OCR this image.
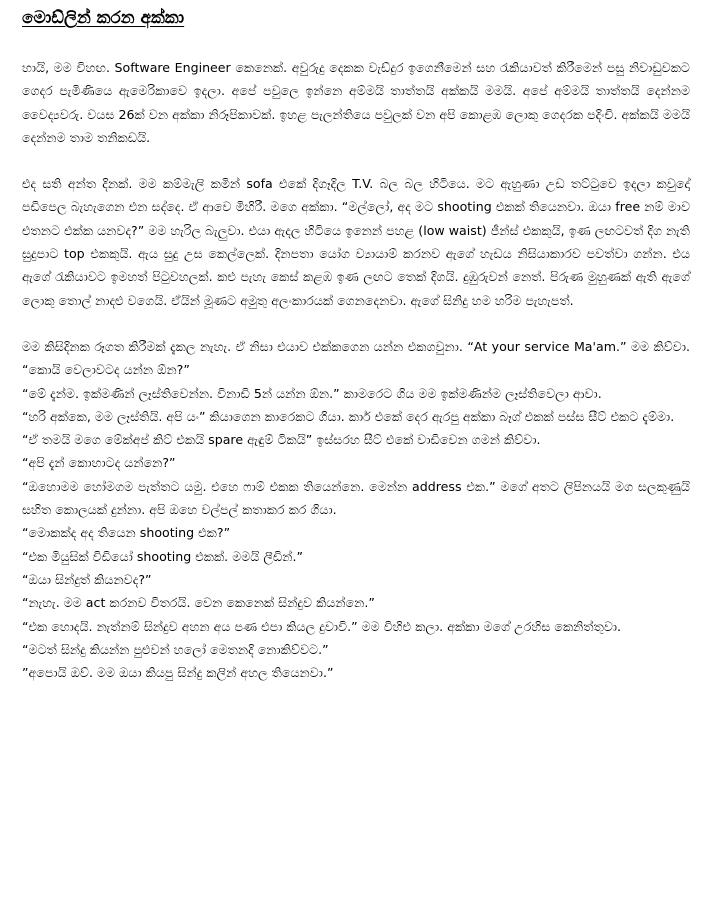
මොඩ්ලින් කරන අක්කා

හායි, මම විහඟ. Software Engineer කෙනෙක්. අවුරුදු දෙකක වැඩ්දුර ඉගෙනීමෙන් සහ රැකියාවත් කිරීමෙන් පසු නිවාඩුවකට ගෙදර පැමිණියෙ ඇමෙරිකාවෙ ඉදලා. අපේ පවුලෙ ඉන්නෙ අම්මයි තාත්තයි අක්කයි මමයි. අපේ අම්මයි තාත්තයි දෙන්නම වෛද්‍යවරු. වයස 26ක් වන අක්කා නිරූපිකාවක්. ඉහළ පැලන්තියෙ පවුලක් වන අපි කොළඹ ලොකු ගෙදරක පදිංචි. අක්කයි මමයි දෙන්නම තාම තනිකඩයි.

එද සති අන්ත දිනක්. මම කම්මැලි කමින් sofa එකේ දිගෑදිල T.V. බල බල හිටියෙ. මට ඇහුණා උඩ තට්ටුවෙ ඉදලා කවුදෝ පඩිපෙල බැහැගෙන එන සද්දෙ. ඒ ආවෙ මිහිරී. මගෙ අක්කා. “මල්ලෝ, අද මට shooting එකක් තියෙනවා. ඔයා free නම් මාව එතනට එක්ක යනවද?” මම හැරිල බැලුවා. එයා ඇදල හිටියෙ ඉනෙන් පහළ (low waist) ජීන්ස් එකකුයි, ඉණ ලඟටවත් දිග නැති සුදුපාට top එකකුයි. ඇය සුදු උස කෙල්ලෙක්. දිනපතා යෝග ව්‍යායාම් කරනව ඇගේ හැඩය නිසියාකාරව පවත්වා ගන්න. එය ඇගේ රැකියාවට ඉමහත් පිටුවහලක්. කළු පැහැ කෙස් කළඹ ඉණ ලඟට තෙක් දිගයි. දුඹුරුවන් නෙත්. පිරුණ මුහුණක් ඇති ඇගේ ලොකු තොල් නාදළු වගෙයි. ඒයින් මූණට අමුතු අලංකාරයක් ගෙනදෙනවා. ඇගේ සිනිදු හම හරිම පැහැපත්.

මම කිසිදිනක රූගත කිරීමක් දැකල නැහැ. ඒ නිසා එයාව එක්කගෙන යන්න එකගවුනා. “At your service Ma'am.” මම කිව්වා. “කොයි වෙලාවටද යන්න ඕන?”

“මේ දැන්ම. ඉක්මණින් ලෑස්තිවෙන්න. විනාඩි 5න් යන්න ඕන.” කාමරෙට ගිය මම ඉක්මණින්ම ලෑස්තිවෙලා ආවා.

“හරි අක්කෙ, මම ලෑස්තියි. අපි යං” කියාගෙන කාරෙකට ගියා. කාර් එකේ දෙර ඇරපු අක්කා බෑග් එකක් පස්ස සීට් එකට දැම්මා.

“ඒ තමයි මගෙ මේක්අප් කිට් එකයි spare ඇඳුම් ටිකයි” ඉස්සරහ සීට් එකේ වාඩිවෙන ගමන් කිව්වා.

“අපි දැන් කොහාටද යන්නෙ?”

“ඔහොමම හෝමගම පැත්තට යමු. එහෙ ෆාම් එකක තියෙන්නෙ. මෙන්න address එක.” මගේ අතට ලිපිනයයි මග සලකුණුයි සහිත කොලයක් දුන්නා. අපි ඔහෙ වල්පල් කතාකර කර ගියා.

“මොකක්ද අද තියෙන shooting එක?”

“එක මියුසික් විඩියෝ shooting එකක්. මමයි ලීඩින්.”

“ඔයා සින්දුත් කියනවද?”

“නැහැ. මම act කරනව විතරයි. වෙන කෙනෙක් සින්දුව කියන්නෙ.”

“එක හොදයි. නැත්නම් සින්දුව අහන අය පණ එපා කියල දුවාවි.” මම විහිළු කලා. අක්කා මගේ උරහිස කෙනිත්තුවා.

“මටත් සින්දු කියන්න පුළුවන් හලෝ මෙතනදි නොකිව්වට.”

”අපොයි ඔව්. මම ඔයා කියපු සින්දු කලින් අහල තියෙනවා.”
